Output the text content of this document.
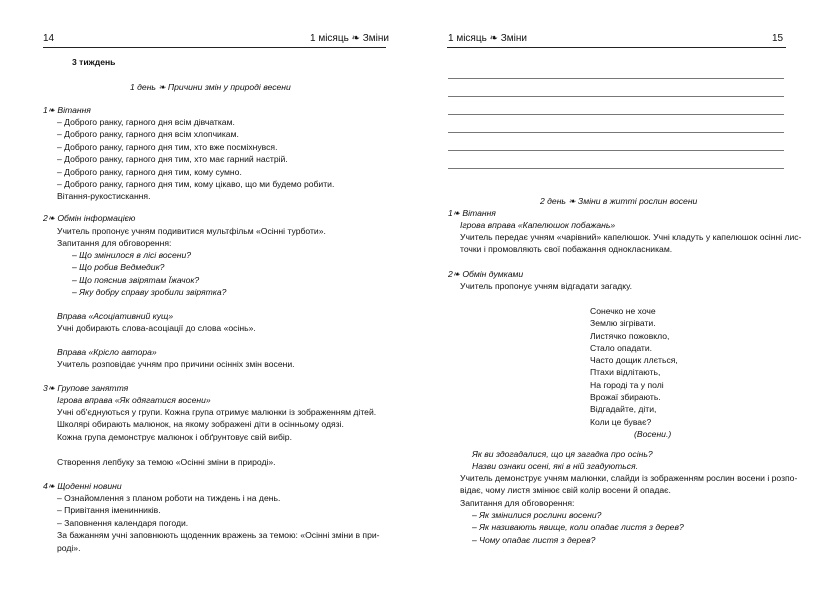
14	1 місяць ❧ Зміни
3 тиждень
1 день ❧ Причини змін у природі весени
1❧ Вітання
– Доброго ранку, гарного дня всім дівчаткам.
– Доброго ранку, гарного дня всім хлопчикам.
– Доброго ранку, гарного дня тим, хто вже посміхнувся.
– Доброго ранку, гарного дня тим, хто має гарний настрій.
– Доброго ранку, гарного дня тим, кому сумно.
– Доброго ранку, гарного дня тим, кому цікаво, що ми будемо робити.
Вітання-рукостискання.
2❧ Обмін інформацією
Учитель пропонує учням подивитися мультфільм «Осінні турботи».
Запитання для обговорення:
– Що змінилося в лісі восени?
– Що робив Ведмедик?
– Що пояснив звірятам Їжачок?
– Яку добру справу зробили звірятка?
Вправа «Асоціативний кущ»
Учні добирають слова-асоціації до слова «осінь».
Вправа «Крісло автора»
Учитель розповідає учням про причини осінніх змін восени.
3❧ Групове заняття
Ігрова вправа «Як одягатися восени»
Учні об'єднуються у групи. Кожна група отримує малюнки із зображенням дітей.
Школярі обирають малюнок, на якому зображені діти в осінньому одязі.
Кожна група демонструє малюнок і обґрунтовує свій вибір.
Створення лепбуку за темою «Осінні зміни в природі».
4❧ Щоденні новини
– Ознайомлення з планом роботи на тиждень і на день.
– Привітання іменинників.
– Заповнення календаря погоди.
За бажанням учні заповнюють щоденник вражень за темою: «Осінні зміни в при-
роді».
1 місяць ❧ Зміни	15
2 день ❧ Зміни в житті рослин восени
1❧ Вітання
Ігрова вправа «Капелюшок побажань»
Учитель передає учням «чарівний» капелюшок. Учні кладуть у капелюшок осінні лис-
точки і промовляють свої побажання однокласникам.
2❧ Обмін думками
Учитель пропонує учням відгадати загадку.
Сонечко не хоче
Землю зігрівати.
Листячко пожовкло,
Стало опадати.
Часто дощик ллється,
Птахи відлітають,
На городі та у полі
Врожаї збирають.
Відгадайте, діти,
Коли це буває?
(Восени.)
Як ви здогадалися, що ця загадка про осінь?
Назви ознаки осені, які в ній згадуються.
Учитель демонструє учням малюнки, слайди із зображенням рослин восени і розпо-
відає, чому листя змінює свій колір восени й опадає.
Запитання для обговорення:
– Як змінилися рослини восени?
– Як називають явище, коли опадає листя з дерев?
– Чому опадає листя з дерев?
